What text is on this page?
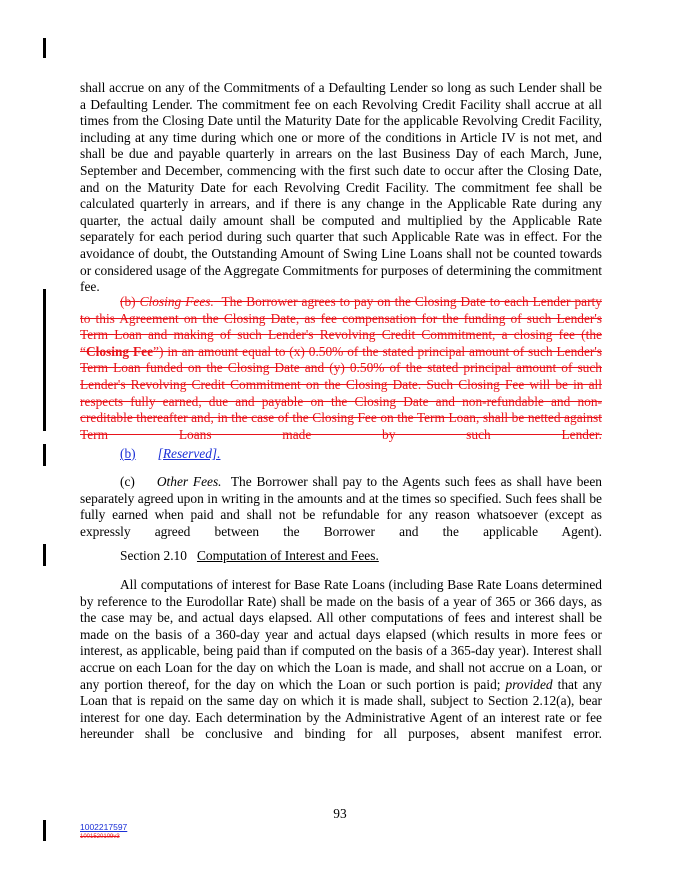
shall accrue on any of the Commitments of a Defaulting Lender so long as such Lender shall be a Defaulting Lender. The commitment fee on each Revolving Credit Facility shall accrue at all times from the Closing Date until the Maturity Date for the applicable Revolving Credit Facility, including at any time during which one or more of the conditions in Article IV is not met, and shall be due and payable quarterly in arrears on the last Business Day of each March, June, September and December, commencing with the first such date to occur after the Closing Date, and on the Maturity Date for each Revolving Credit Facility. The commitment fee shall be calculated quarterly in arrears, and if there is any change in the Applicable Rate during any quarter, the actual daily amount shall be computed and multiplied by the Applicable Rate separately for each period during such quarter that such Applicable Rate was in effect. For the avoidance of doubt, the Outstanding Amount of Swing Line Loans shall not be counted towards or considered usage of the Aggregate Commitments for purposes of determining the commitment fee.

(b) Closing Fees. The Borrower agrees to pay on the Closing Date to each Lender party to this Agreement on the Closing Date, as fee compensation for the funding of such Lender's Term Loan and making of such Lender's Revolving Credit Commitment, a closing fee (the “Closing Fee”) in an amount equal to (x) 0.50% of the stated principal amount of such Lender's Term Loan funded on the Closing Date and (y) 0.50% of the stated principal amount of such Lender's Revolving Credit Commitment on the Closing Date. Such Closing Fee will be in all respects fully earned, due and payable on the Closing Date and non-refundable and non-creditable thereafter and, in the case of the Closing Fee on the Term Loan, shall be netted against Term Loans made by such Lender.

(b) [Reserved].

(c) Other Fees. The Borrower shall pay to the Agents such fees as shall have been separately agreed upon in writing in the amounts and at the times so specified. Such fees shall be fully earned when paid and shall not be refundable for any reason whatsoever (except as expressly agreed between the Borrower and the applicable Agent).

Section 2.10 Computation of Interest and Fees.

All computations of interest for Base Rate Loans (including Base Rate Loans determined by reference to the Eurodollar Rate) shall be made on the basis of a year of 365 or 366 days, as the case may be, and actual days elapsed. All other computations of fees and interest shall be made on the basis of a 360-day year and actual days elapsed (which results in more fees or interest, as applicable, being paid than if computed on the basis of a 365-day year). Interest shall accrue on each Loan for the day on which the Loan is made, and shall not accrue on a Loan, or any portion thereof, for the day on which the Loan or such portion is paid; provided that any Loan that is repaid on the same day on which it is made shall, subject to Section 2.12(a), bear interest for one day. Each determination by the Administrative Agent of an interest rate or fee hereunder shall be conclusive and binding for all purposes, absent manifest error.

93
1002217597
1001520109v3
